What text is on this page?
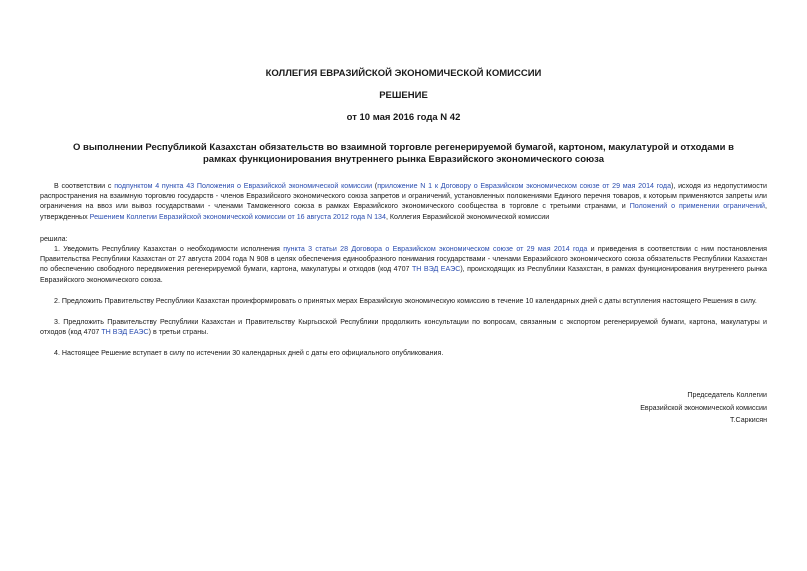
КОЛЛЕГИЯ ЕВРАЗИЙСКОЙ ЭКОНОМИЧЕСКОЙ КОМИССИИ
РЕШЕНИЕ
от 10 мая 2016 года N 42
О выполнении Республикой Казахстан обязательств во взаимной торговле регенерируемой бумагой, картоном, макулатурой и отходами в рамках функционирования внутреннего рынка Евразийского экономического союза
В соответствии с подпунктом 4 пункта 43 Положения о Евразийской экономической комиссии (приложение N 1 к Договору о Евразийском экономическом союзе от 29 мая 2014 года), исходя из недопустимости распространения на взаимную торговлю государств - членов Евразийского экономического союза запретов и ограничений, установленных положениями Единого перечня товаров, к которым применяются запреты или ограничения на ввоз или вывоз государствами - членами Таможенного союза в рамках Евразийского экономического сообщества в торговле с третьими странами, и Положений о применении ограничений, утвержденных Решением Коллегии Евразийской экономической комиссии от 16 августа 2012 года N 134, Коллегия Евразийской экономической комиссии
решила:
1. Уведомить Республику Казахстан о необходимости исполнения пункта 3 статьи 28 Договора о Евразийском экономическом союзе от 29 мая 2014 года и приведения в соответствии с ним постановления Правительства Республики Казахстан от 27 августа 2004 года N 908 в целях обеспечения единообразного понимания государствами - членами Евразийского экономического союза обязательств Республики Казахстан по обеспечению свободного передвижения регенерируемой бумаги, картона, макулатуры и отходов (код 4707 ТН ВЭД ЕАЭС), происходящих из Республики Казахстан, в рамках функционирования внутреннего рынка Евразийского экономического союза.
2. Предложить Правительству Республики Казахстан проинформировать о принятых мерах Евразийскую экономическую комиссию в течение 10 календарных дней с даты вступления настоящего Решения в силу.
3. Предложить Правительству Республики Казахстан и Правительству Кыргызской Республики продолжить консультации по вопросам, связанным с экспортом регенерируемой бумаги, картона, макулатуры и отходов (код 4707 ТН ВЭД ЕАЭС) в третьи страны.
4. Настоящее Решение вступает в силу по истечении 30 календарных дней с даты его официального опубликования.
Председатель Коллегии
Евразийской экономической комиссии
Т.Саркисян
